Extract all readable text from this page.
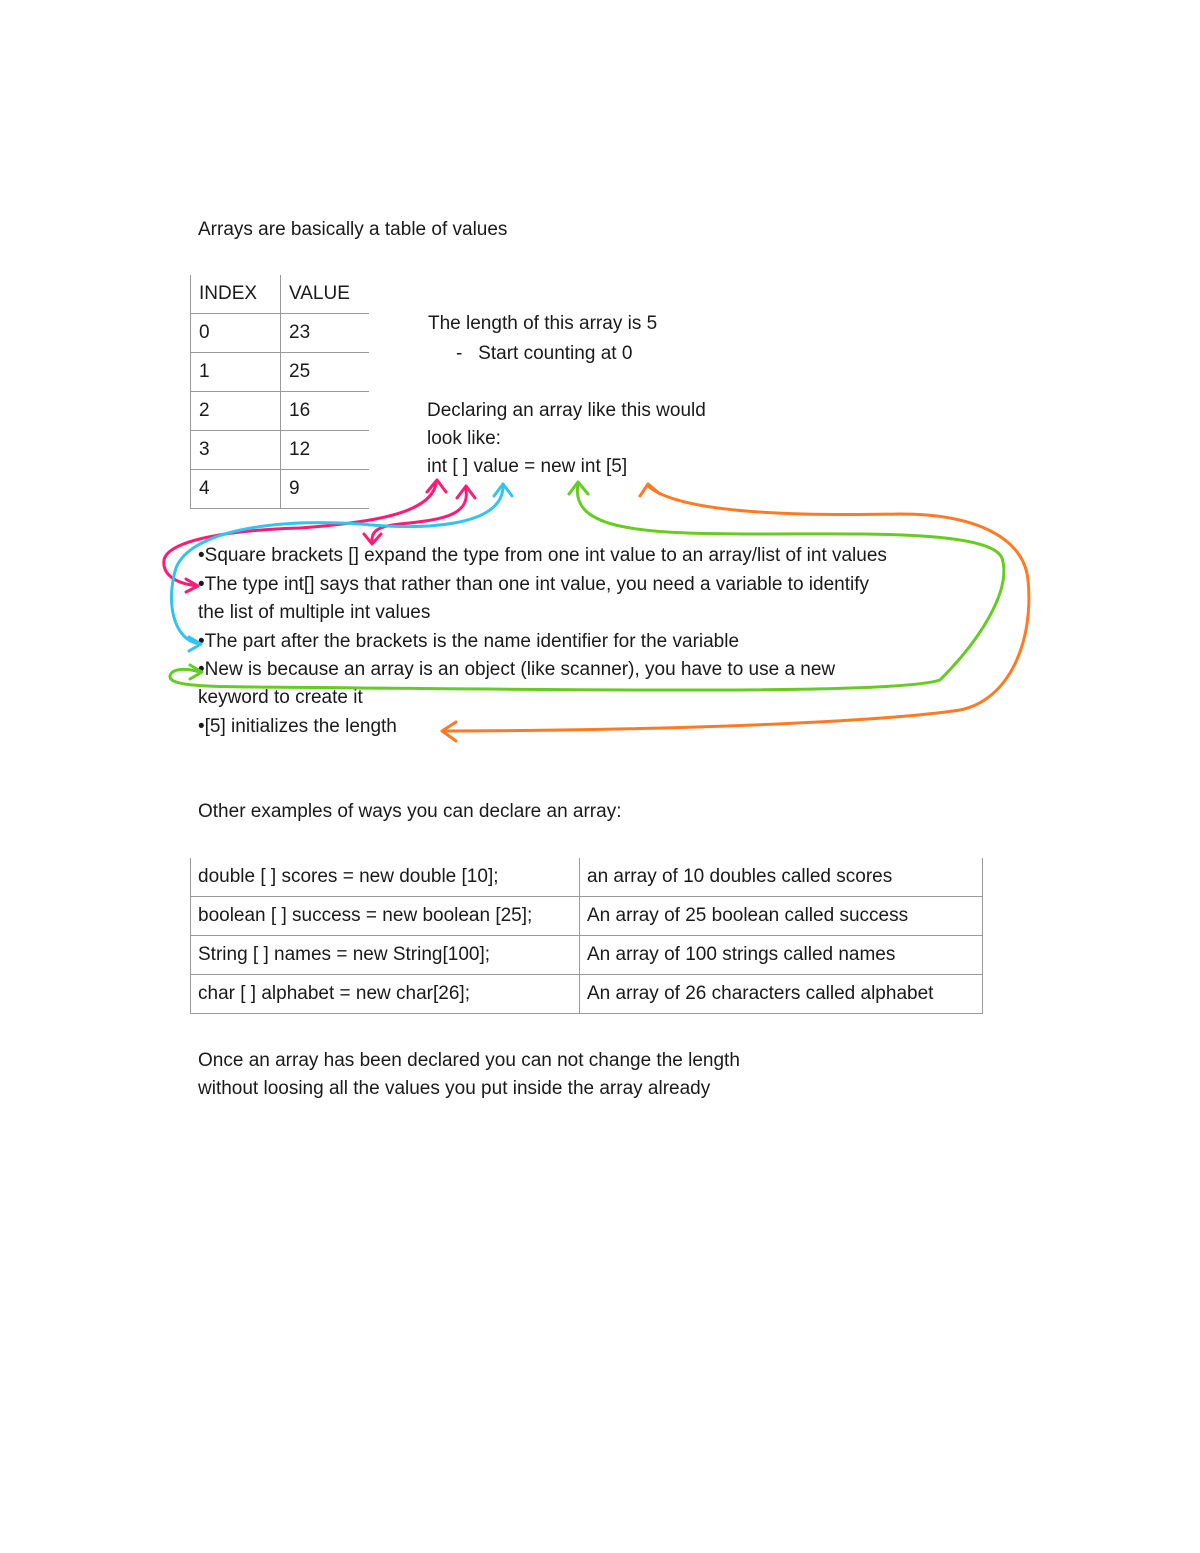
Arrays are basically a table of values
INDEX	VALUE
0	23
1	25
2	16
3	12
4	9
The length of this array is 5
-   Start counting at 0
Declaring an array like this would
look like:
int [ ] value = new int [5]
•Square brackets [] expand the type from one int value to an array/list of int values
•The type int[] says that rather than one int value, you need a variable to identify
the list of multiple int values
•The part after the brackets is the name identifier for the variable
•New is because an array is an object (like scanner), you have to use a new
keyword to create it
•[5] initializes the length
Other examples of ways you can declare an array:
double [ ] scores = new double [10];	an array of 10 doubles called scores
boolean [ ] success = new boolean [25];	An array of 25 boolean called success
String [ ] names = new String[100];	An array of 100 strings called names
char [ ] alphabet = new char[26];	An array of 26 characters called alphabet
Once an array has been declared you can not change the length
without loosing all the values you put inside the array already
